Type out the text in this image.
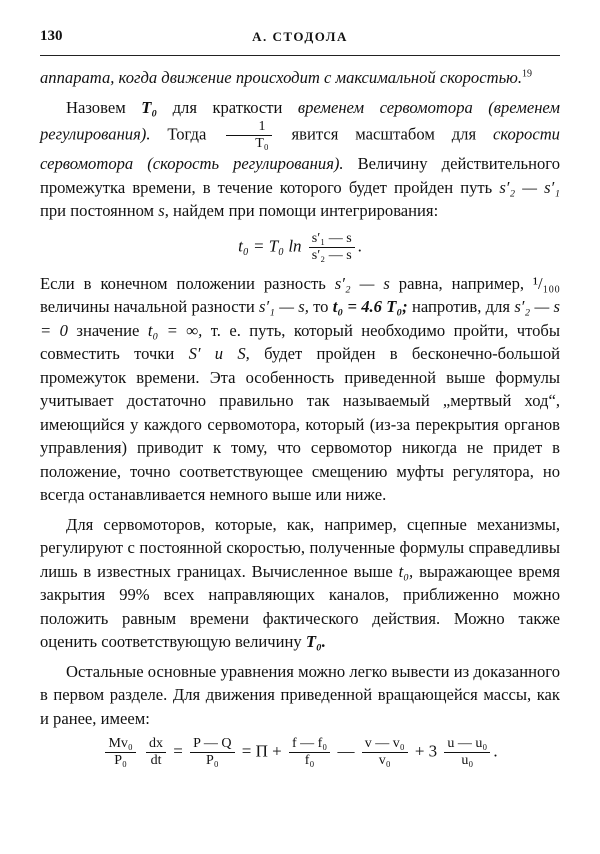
130	А. СТОДОЛА

аппарата, когда движение происходит с максимальной скоростью.$^{19}$

Назовем T₀ для краткости временем сервомотора (временем регулирования). Тогда $\frac{1}{\text{T₀}}$ явится масштабом для скорости сервомотора (скорость регулирования). Величину действительного промежутка времени, в течение которого будет пройден путь s′₂ — s′₁ при постоянном s, найдем при помощи интегрирования:

t₀ = T₀ $\ln \frac{\text{s′₁ — s}}{\text{s′₂ — s}}$ .

Если в конечном положении разность s′₂ — s равна, например, ¹/₁₀₀ величины начальной разности s′₁ — s, то t₀ = 4.6 T₀; напротив, для s′₂ — s = 0 значение t₀ = ∞, т. е. путь, который необходимо пройти, чтобы совместить точки S′ и S, будет пройден в бесконечно-большой промежуток времени. Эта особенность приведенной выше формулы учитывает достаточно правильно так называемый „мертвый ход“, имеющийся у каждого сервомотора, который (из-за перекрытия органов управления) приводит к тому, что сервомотор никогда не придет в положение, точно соответствующее смещению муфты регулятора, но всегда останавливается немного выше или ниже.

Для сервомоторов, которые, как, например, сцепные механизмы, регулируют с постоянной скоростью, полученные формулы справедливы лишь в известных границах. Вычисленное выше t₀, выражающее время закрытия 99% всех направляющих каналов, приближенно можно положить равным времени фактического действия. Можно также оценить соответствующую величину T₀.

Остальные основные уравнения можно легко вывести из доказанного в первом разделе. Для движения приведенной вращающейся массы, как и ранее, имеем:

$\frac{\text{Mv₀}}{\text{P₀}}$
$\frac{dx}{dt} = \frac{P — Q}{\text{P₀}} = \Pi + \frac{\text{f — f₀}}{\text{f₀}}$ — $\frac{\text{v — v₀}}{\text{v₀}} + 3 \frac{\text{u — u₀}}{\text{u₀}}$ .
